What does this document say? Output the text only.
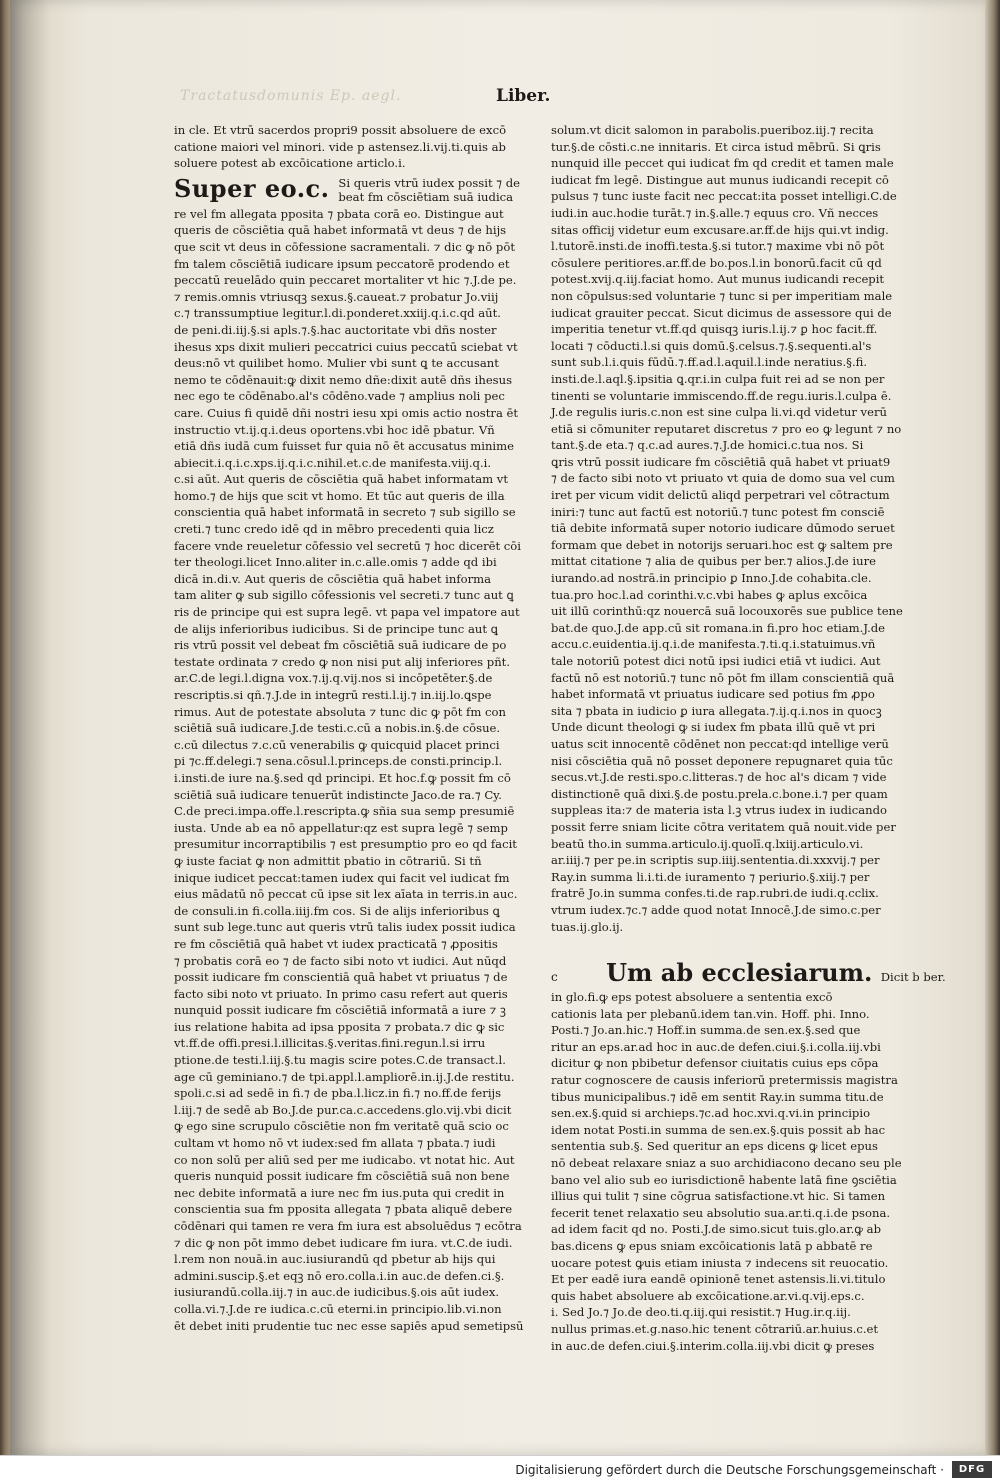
Tractatusdomunis Ep. aegl.	Liber.
in cle. Et vtrū sacerdos propri9 possit absoluere de excō
catione maiori vel minori. vide p astensez.li.vij.ti.quis ab
soluere potest ab excōicatione articlo.i.
Super eo.c. Si queris vtrū iudex possit ⁊ de
beat fm cōsciētiam suā iudica
re vel fm allegata pposita ⁊ pbata corā eo. Distingue aut
queris de cōsciētia quā habet informatā vt deus ⁊ de hijs
que scit vt deus in cōfessione sacramentali. ⁊ dic ꝙ nō pōt
fm talem cōsciētiā iudicare ipsum peccatorē prodendo et
peccatū reuelādo quin peccaret mortaliter vt hic ⁊.J.de pe.
⁊ remis.omnis vtriusqꝫ sexus.§.caueat.⁊ probatur Jo.viij
c.⁊ transsumptiue legitur.l.di.ponderet.xxiij.q.i.c.qd aūt.
de peni.di.iij.§.si apls.⁊.§.hac auctoritate vbi dñs noster
ihesus xps dixit mulieri peccatrici cuius peccatū sciebat vt
deus:nō vt quilibet homo. Mulier vbi sunt ꝗ te accusant
nemo te cōdēnauit:ꝙ dixit nemo dñe:dixit autē dñs ihesus
nec ego te cōdēnabo.al's cōdēno.vade ⁊ amplius noli pec
care. Cuius fi quidē dñi nostri iesu xpi omis actio nostra ēt
instructio vt.ij.q.i.deus oportens.vbi hoc idē pbatur. Vñ
etiā dñs iudā cum fuisset fur quia nō ēt accusatus minime
abiecit.i.q.i.c.xps.ij.q.i.c.nihil.et.c.de manifesta.viij.q.i.
c.si aūt. Aut queris de cōsciētia quā habet informatam vt
homo.⁊ de hijs que scit vt homo. Et tūc aut queris de illa
conscientia quā habet informatā in secreto ⁊ sub sigillo se
creti.⁊ tunc credo idē qd in mēbro precedenti quia licz
facere vnde reueletur cōfessio vel secretū ⁊ hoc dicerēt cōi
ter theologi.licet Inno.aliter in.c.alle.omis ⁊ adde qd ibi
dicā in.di.v. Aut queris de cōsciētia quā habet informa
tam aliter ꝙ sub sigillo cōfessionis vel secreti.⁊ tunc aut ꝗ
ris de principe qui est supra legē. vt papa vel impatore aut
de alijs inferioribus iudicibus. Si de principe tunc aut ꝗ
ris vtrū possit vel debeat fm cōsciētiā suā iudicare de po
testate ordinata ⁊ credo ꝙ non nisi put alij inferiores pñt.
ar.C.de legi.l.digna vox.⁊.ij.q.vij.nos si incōpetēter.§.de
rescriptis.si qñ.⁊.J.de in integrū resti.l.ij.⁊ in.iij.lo.ꝗspe
rimus. Aut de potestate absoluta ⁊ tunc dic ꝙ pōt fm con
sciētiā suā iudicare.J.de testi.c.cū a nobis.in.§.de cōsue.
c.cū dilectus ⁊.c.cū venerabilis ꝙ quicquid placet princi
pi ⁊c.ff.delegi.⁊ sena.cōsul.l.princeps.de consti.princip.l.
i.insti.de iure na.§.sed qd principi. Et hoc.f.ꝙ possit fm cō
sciētiā suā iudicare tenuerūt indistincte Jaco.de ra.⁊ Cy.
C.de preci.impa.offe.l.rescripta.ꝙ sñia sua semp presumiē
iusta. Unde ab ea nō appellatur:qz est supra legē ⁊ semp
presumitur incorraptibilis ⁊ est presumptio pro eo qd facit
ꝙ iuste faciat ꝙ non admittit pbatio in cōtrariū. Si tñ
inique iudicet peccat:tamen iudex qui facit vel iudicat fm
eius mādatū nō peccat cū ipse sit lex aīata in terris.in auc.
de consuli.in fi.colla.iiij.fm cos. Si de alijs inferioribus ꝗ
sunt sub lege.tunc aut queris vtrū talis iudex possit iudica
re fm cōsciētiā quā habet vt iudex practicatā ⁊ ꝓpositis
⁊ probatis corā eo ⁊ de facto sibi noto vt iudici. Aut nūqd
possit iudicare fm conscientiā quā habet vt priuatus ⁊ de
facto sibi noto vt priuato. In primo casu refert aut queris
nunquid possit iudicare fm cōsciētiā informatā a iure ⁊ ꝫ
ius relatione habita ad ipsa pposita ⁊ probata.⁊ dic ꝙ sic
vt.ff.de offi.presi.l.illicitas.§.veritas.fini.regun.l.si irru
ptione.de testi.l.iij.§.tu magis scire potes.C.de transact.l.
age cū geminiano.⁊ de tpi.appl.l.ampliorē.in.ij.J.de restitu.
spoli.c.si ad sedē in fi.⁊ de pba.l.licz.in fi.⁊ no.ff.de ferijs
l.iij.⁊ de sedē ab Bo.J.de pur.ca.c.accedens.glo.vij.vbi dicit
ꝙ ego sine scrupulo cōsciētie non fm veritatē quā scio oc
cultam vt homo nō vt iudex:sed fm allata ⁊ pbata.⁊ iudi
co non solū per aliū sed per me iudicabo. vt notat hic. Aut
queris nunquid possit iudicare fm cōsciētiā suā non bene
nec debite informatā a iure nec fm ius.puta qui credit in
conscientia sua fm pposita allegata ⁊ pbata aliquē debere
cōdēnari qui tamen re vera fm iura est absoluēdus ⁊ ecōtra
⁊ dic ꝙ non pōt immo debet iudicare fm iura. vt.C.de iudi.
l.rem non nouā.in auc.iusiurandū qd pbetur ab hijs qui
admini.suscip.§.et eqꝫ nō ero.colla.i.in auc.de defen.ci.§.
iusiurandū.colla.iij.⁊ in auc.de iudicibus.§.ois aūt iudex.
colla.vi.⁊.J.de re iudica.c.cū eterni.in principio.lib.vi.non
ēt debet initi prudentie tuc nec esse sapiēs apud semetipsū
solum.vt dicit salomon in parabolis.pueriboz.iij.⁊ recita
tur.§.de cōsti.c.ne innitaris. Et circa istud mēbrū. Si ꝗris
nunquid ille peccet qui iudicat fm qd credit et tamen male
iudicat fm legē. Distingue aut munus iudicandi recepit cō
pulsus ⁊ tunc iuste facit nec peccat:ita posset intelligi.C.de
iudi.in auc.hodie turāt.⁊ in.§.alle.⁊ equus cro. Vñ necces
sitas officij videtur eum excusare.ar.ff.de hijs qui.vt indig.
l.tutorē.insti.de inoffi.testa.§.si tutor.⁊ maxime vbi nō pōt
cōsulere peritiores.ar.ff.de bo.pos.l.in bonorū.facit cū qd
potest.xvij.q.iij.faciat homo. Aut munus iudicandi recepit
non cōpulsus:sed voluntarie ⁊ tunc si per imperitiam male
iudicat grauiter peccat. Sicut dicimus de assessore qui de
imperitia tenetur vt.ff.qd quisqꝫ iuris.l.ij.⁊ ꝑ hoc facit.ff.
locati ⁊ cōducti.l.si quis domū.§.celsus.⁊.§.sequenti.al's
sunt sub.l.i.quis fūdū.⁊.ff.ad.l.aquil.l.inde neratius.§.fi.
insti.de.l.aql.§.ipsitia ꝗ.qr.i.in culpa fuit rei ad se non per
tinenti se voluntarie immiscendo.ff.de regu.iuris.l.culpa ē.
J.de regulis iuris.c.non est sine culpa li.vi.qd videtur verū
etiā si cōmuniter reputaret discretus ⁊ pro eo ꝙ legunt ⁊ no
tant.§.de eta.⁊ q.c.ad aures.⁊.J.de homici.c.tua nos. Si
ꝗris vtrū possit iudicare fm cōsciētiā quā habet vt priuat9
⁊ de facto sibi noto vt priuato vt quia de domo sua vel cum
iret per vicum vidit delictū aliqd perpetrari vel cōtractum
iniri:⁊ tunc aut factū est notoriū.⁊ tunc potest fm consciē
tiā debite informatā super notorio iudicare dūmodo seruet
formam que debet in notorijs seruari.hoc est ꝙ saltem pre
mittat citatione ⁊ alia de quibus per ber.⁊ alios.J.de iure
iurando.ad nostrā.in principio ꝑ Inno.J.de cohabita.cle.
tua.pro hoc.l.ad corinthi.v.c.vbi habes ꝙ aplus excōica
uit illū corinthū:qz nouercā suā locouxorēs sue publice tene
bat.de quo.J.de app.cū sit romana.in fi.pro hoc etiam.J.de
accu.c.euidentia.ij.q.i.de manifesta.⁊.ti.q.i.statuimus.vñ
tale notoriū potest dici notū ipsi iudici etiā vt iudici. Aut
factū nō est notoriū.⁊ tunc nō pōt fm illam conscientiā quā
habet informatā vt priuatus iudicare sed potius fm ꝓpo
sita ⁊ pbata in iudicio ꝑ iura allegata.⁊.ij.q.i.nos in quocꝫ
Unde dicunt theologi ꝙ si iudex fm pbata illū quē vt pri
uatus scit innocentē cōdēnet non peccat:qd intellige verū
nisi cōsciētia quā nō posset deponere repugnaret quia tūc
secus.vt.J.de resti.spo.c.litteras.⁊ de hoc al's dicam ⁊ vide
distinctionē quā dixi.§.de postu.prela.c.bone.i.⁊ per quam
suppleas ita:⁊ de materia ista l.ꝫ vtrus iudex in iudicando
possit ferre sniam licite cōtra veritatem quā nouit.vide per
beatū tho.in summa.articulo.ij.quolī.q.lxiij.articulo.vi.
ar.iiij.⁊ per pe.in scriptis sup.iiij.sententia.di.xxxvij.⁊ per
Ray.in summa li.i.ti.de iuramento ⁊ periurio.§.xiij.⁊ per
fratrē Jo.in summa confes.ti.de rap.rubri.de iudi.q.cclix.
vtrum iudex.⁊c.⁊ adde quod notat Innocē.J.de simo.c.per
tuas.ij.glo.ij.
c Um ab ecclesiarum. Dicit b ber.
in glo.fi.ꝙ eps potest absoluere a sententia excō
cationis lata per plebanū.idem tan.vin. Hoff. phi. Inno.
Posti.⁊ Jo.an.hic.⁊ Hoff.in summa.de sen.ex.§.sed que
ritur an eps.ar.ad hoc in auc.de defen.ciui.§.i.colla.iij.vbi
dicitur ꝙ non pbibetur defensor ciuitatis cuius eps cōpa
ratur cognoscere de causis inferiorū pretermissis magistra
tibus municipalibus.⁊ idē em sentit Ray.in summa titu.de
sen.ex.§.quid si archieps.⁊c.ad hoc.xvi.q.vi.in principio
idem notat Posti.in summa de sen.ex.§.quis possit ab hac
sententia sub.§. Sed queritur an eps dicens ꝙ licet epus
nō debeat relaxare sniaz a suo archidiacono decano seu ple
bano vel alio sub eo iurisdictionē habente latā fine ꝯsciētia
illius qui tulit ⁊ sine cōgrua satisfactione.vt hic. Si tamen
fecerit tenet relaxatio seu absolutio sua.ar.ti.q.i.de psona.
ad idem facit qd no. Posti.J.de simo.sicut tuis.glo.ar.ꝙ ab
bas.dicens ꝙ epus sniam excōicationis latā p abbatē re
uocare potest ꝙuis etiam iniusta ⁊ indecens sit reuocatio.
Et per eadē iura eandē opinionē tenet astensis.li.vi.titulo
quis habet absoluere ab excōicatione.ar.vi.q.vij.eps.c.
i. Sed Jo.⁊ Jo.de deo.ti.q.iij.qui resistit.⁊ Hug.ir.q.iij.
nullus primas.et.g.naso.hic tenent cōtrariū.ar.huius.c.et
in auc.de defen.ciui.§.interim.colla.iij.vbi dicit ꝙ preses
Digitalisierung gefördert durch die Deutsche Forschungsgemeinschaft ·	DFG
